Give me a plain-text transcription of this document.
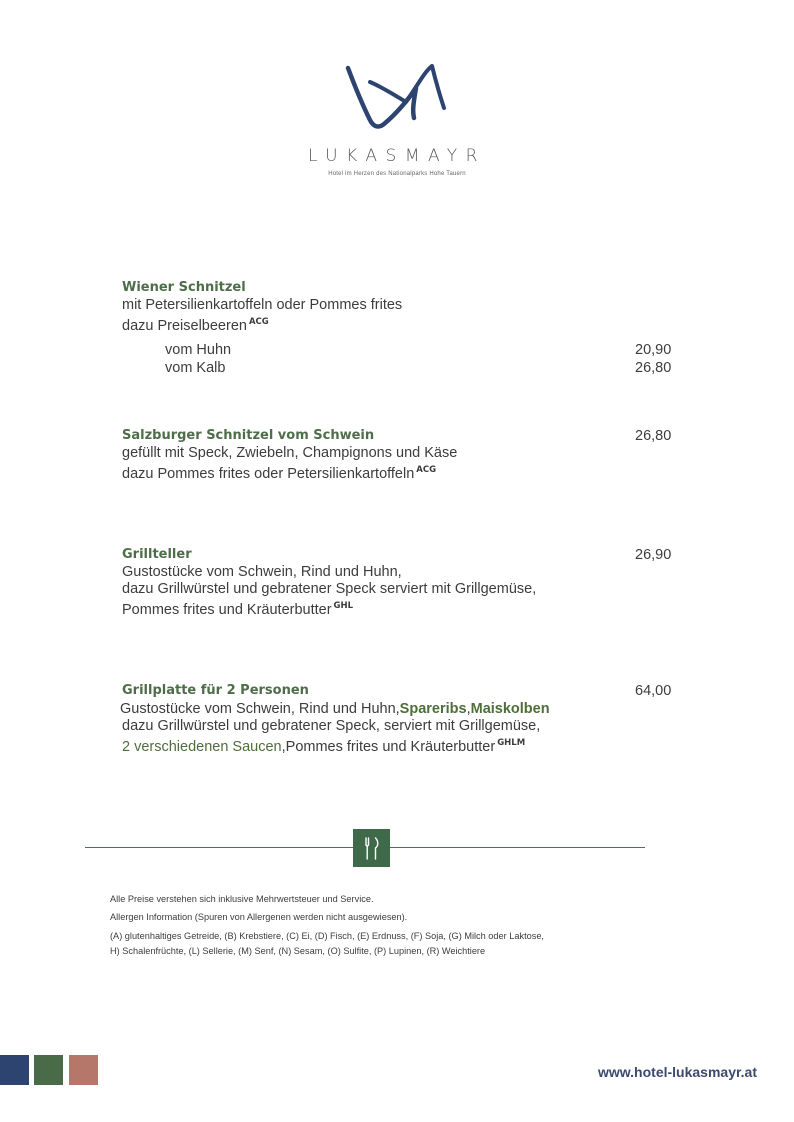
LUKASMAYR
Hotel im Herzen des Nationalparks Hohe Tauern
Wiener Schnitzel
mit Petersilienkartoffeln oder Pommes frites
dazu Preiselbeeren $^{ACG}$
vom Huhn	20,90
vom Kalb	26,80
Salzburger Schnitzel vom Schwein	26,80
gefüllt mit Speck, Zwiebeln, Champignons und Käse
dazu Pommes frites oder Petersilienkartoffeln $^{ACG}$
Grillteller	26,90
Gustostücke vom Schwein, Rind und Huhn,
dazu Grillwürstel und gebratener Speck serviert mit Grillgemüse,
Pommes frites und Kräuterbutter $^{GHL}$
Grillplatte für 2 Personen	64,00
Gustostücke vom Schwein, Rind und Huhn,Spareribs,Maiskolben
dazu Grillwürstel und gebratener Speck, serviert mit Grillgemüse,
2 verschiedenen Saucen,Pommes frites und Kräuterbutter $^{GHLM}$
Alle Preise verstehen sich inklusive Mehrwertsteuer und Service.
Allergen Information (Spuren von Allergenen werden nicht ausgewiesen).
(A) glutenhaltiges Getreide, (B) Krebstiere, (C) Ei, (D) Fisch, (E) Erdnuss, (F) Soja, (G) Milch oder Laktose,
H) Schalenfrüchte, (L) Sellerie, (M) Senf, (N) Sesam, (O) Sulfite, (P) Lupinen, (R) Weichtiere
www.hotel-lukasmayr.at
